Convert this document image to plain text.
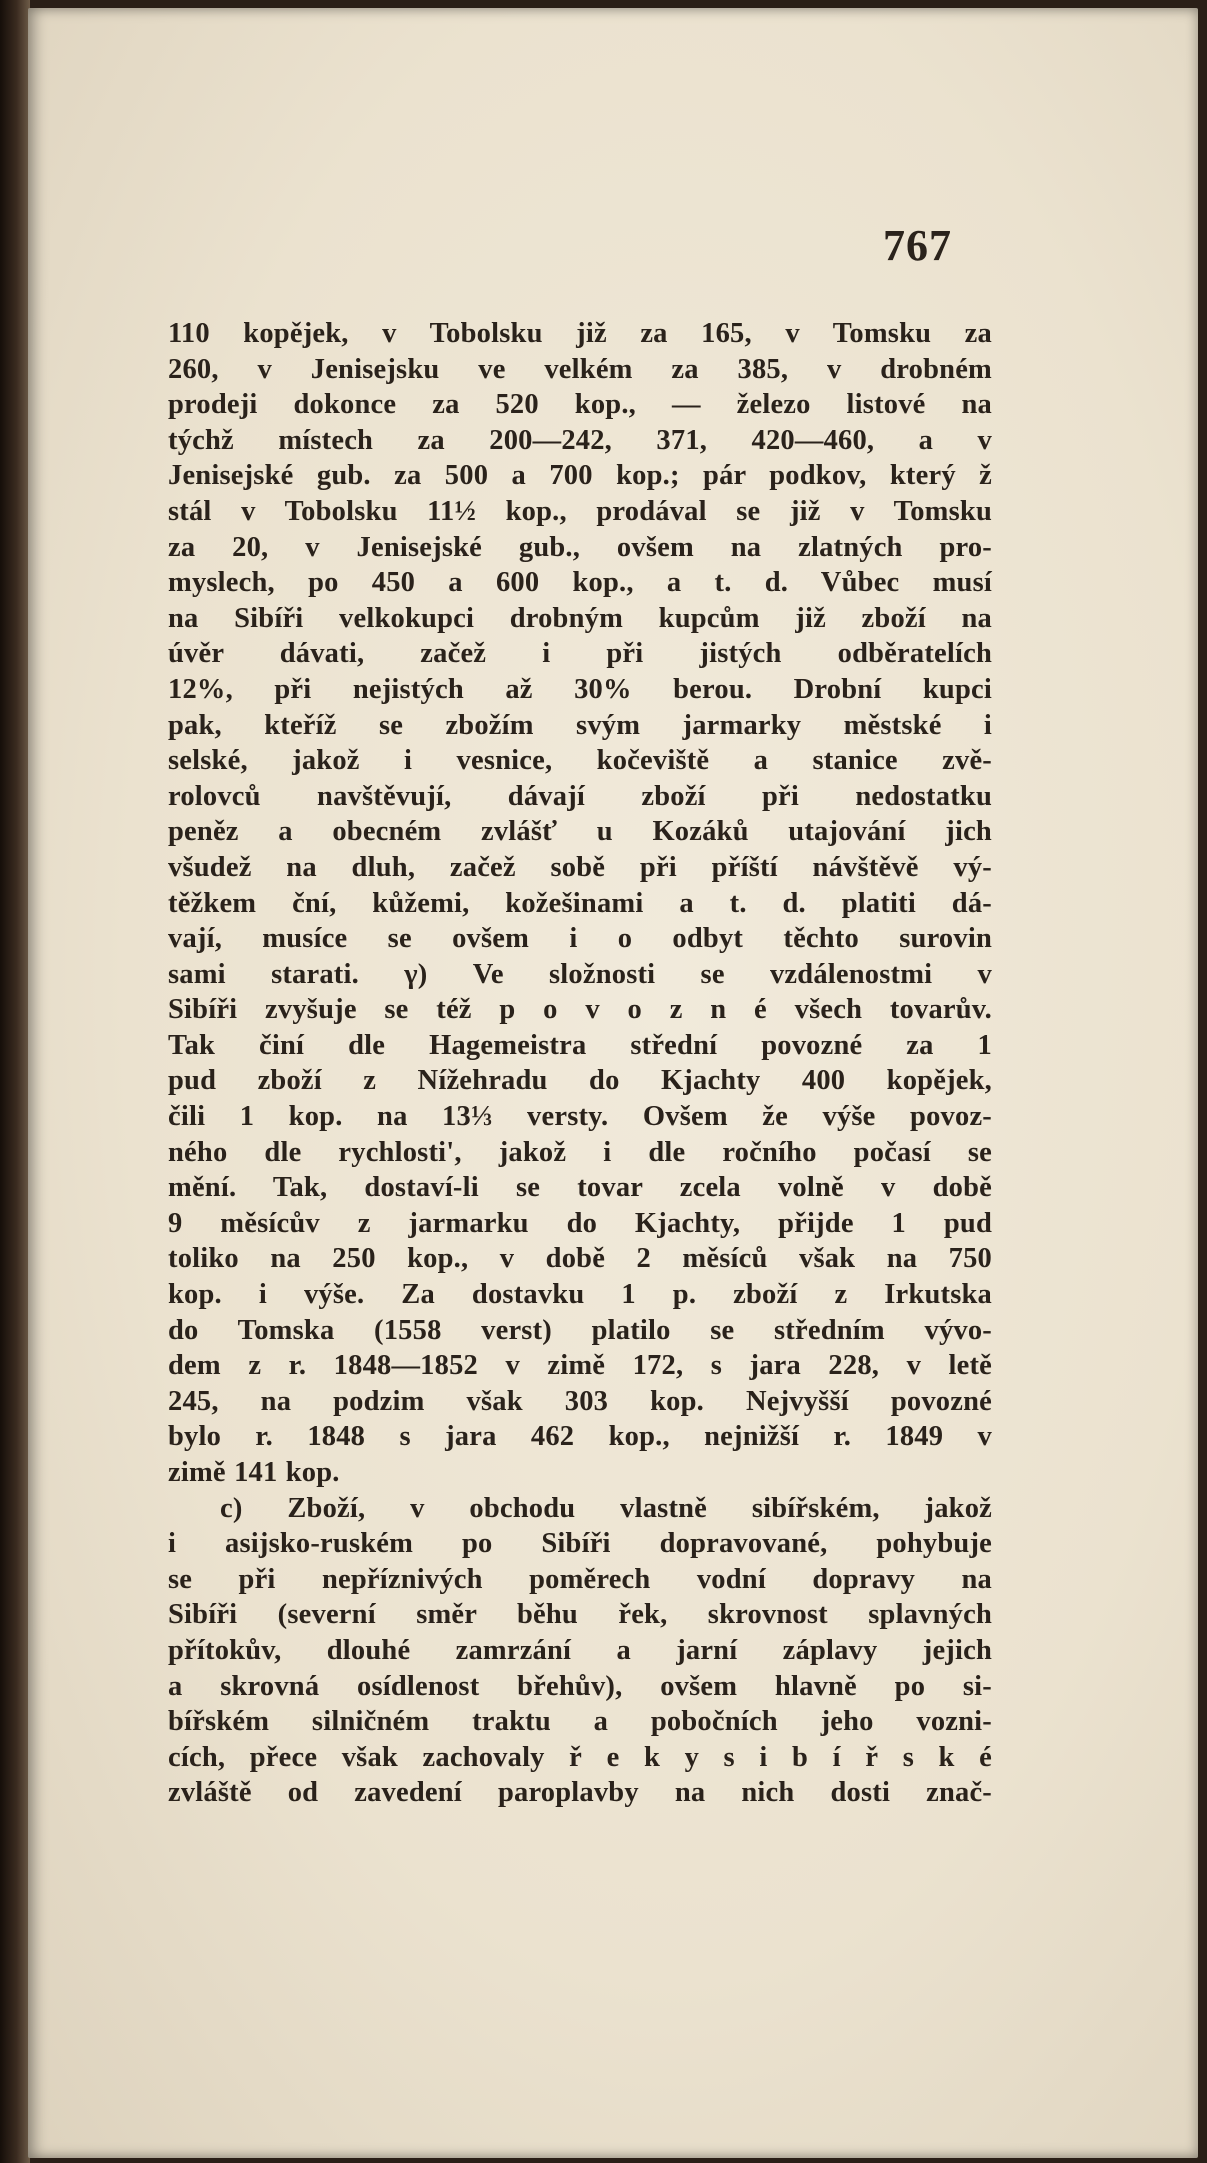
767
110 kopějek, v Tobolsku již za 165, v Tomsku za
260, v Jenisejsku ve velkém za 385, v drobném
prodeji dokonce za 520 kop., — železo listové na
týchž místech za 200—242, 371, 420—460, a v
Jenisejské gub. za 500 a 700 kop.; pár podkov, který ž
stál v Tobolsku 11½ kop., prodával se již v Tomsku
za 20, v Jenisejské gub., ovšem na zlatných pro-
myslech, po 450 a 600 kop., a t. d. Vůbec musí
na Sibíři velkokupci drobným kupcům již zboží na
úvěr dávati, začež i při jistých odběratelích
12%, při nejistých až 30% berou. Drobní kupci
pak, kteříž se zbožím svým jarmarky městské i
selské, jakož i vesnice, kočeviště a stanice zvě-
rolovců navštěvují, dávají zboží při nedostatku
peněz a obecném zvlášť u Kozáků utajování jich
všudež na dluh, začež sobě při příští návštěvě vý-
těžkem ční, kůžemi, kožešinami a t. d. platiti dá-
vají, musíce se ovšem i o odbyt těchto surovin
sami starati. γ) Ve složnosti se vzdálenostmi v
Sibíři zvyšuje se též p o v o z n é všech tovarův.
Tak činí dle Hagemeistra střední povozné za 1
pud zboží z Nížehradu do Kjachty 400 kopějek,
čili 1 kop. na 13⅓ versty. Ovšem že výše povoz-
ného dle rychlosti', jakož i dle ročního počasí se
mění. Tak, dostaví-li se tovar zcela volně v době
9 měsícův z jarmarku do Kjachty, přijde 1 pud
toliko na 250 kop., v době 2 měsíců však na 750
kop. i výše. Za dostavku 1 p. zboží z Irkutska
do Tomska (1558 verst) platilo se středním vývo-
dem z r. 1848—1852 v zimě 172, s jara 228, v letě
245, na podzim však 303 kop. Nejvyšší povozné
bylo r. 1848 s jara 462 kop., nejnižší r. 1849 v
zimě 141 kop.
c) Zboží, v obchodu vlastně sibířském, jakož
i asijsko-ruském po Sibíři dopravované, pohybuje
se při nepříznivých poměrech vodní dopravy na
Sibíři (severní směr běhu řek, skrovnost splavných
přítokův, dlouhé zamrzání a jarní záplavy jejich
a skrovná osídlenost břehův), ovšem hlavně po si-
bířském silničném traktu a pobočních jeho vozni-
cích, přece však zachovaly ř e k y s i b í ř s k é
zvláště od zavedení paroplavby na nich dosti znač-
